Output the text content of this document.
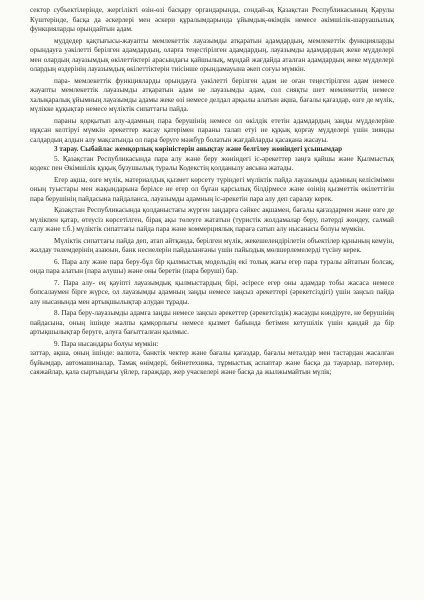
сектор субъектілерінде, жергілікті өзін-өзі басқару органдарында, сондай-ақ Қазақстан Республикасының Қарулы Күштерінде, басқа да әскерлері мен әскери құралымдарында ұйымдық-өкімдік немесе әкімшілік-шаруашылық функцияларды орындайтын адам.

муддедер қақтығысы-жауапты мемлекеттік лауазымды атқаратын адамдардың, мемлекеттік функцияларды орындауға уәкілетті берілген адамдардың, оларға теңестірілген адамдардың, лауазымды адамдардың жеке мүдделері мен олардың лауазымдық өкілеттіктері арасындағы қайшылық, мұндай жағдайда аталған адамдардың жеке мүдделері олардың өздерінің лауазымдық өкілеттіктерін тиісінше орындамауына әкеп соғуы мүмкін.

пара- мемлекеттік функцияларды орындауға уәкілетті берілген адам не оған теңестірілген адам немесе жауапты мемлекеттік лауазымды атқаратын адам не лауазымды адам, сол сияқты шет мемлекеттің немесе халықаралық ұйымның лауазымды адамы жеке өзі немесе делдал арқылы алатын ақша, бағалы қағаздар, өзге де мүлік, мүлікке құқықтар немесе мүліктік сипаттағы пайда.

параны қорқытып алу-адамның пара берушінің немесе ол өкілдік ететін адамдардың заңды мүдделеріне нұқсан келтіруі мүмкін әрекеттер жасау қатерімен параны талап етуі не құқық қорғау мүдделері үшін зиянды салдардың алдын алу мақсатында ол пара беруге мәжбүр болатын жағдайларды қасақана жасауы.

3 тарау. Сыбайлас жемқорлық көріністерін анықтау және белгілеу жөніндегі ұсынымдар

5. Қазақстан Республикасында пара алу және беру жөніндегі іс-әрекеттер заңға қайшы және Қылмыстық кодекс пен Әкімшілік құқық бұзушылық туралы Кодекстің қолданылу аясына жатады.

Егер ақша, өзге мүлік, материалдық қызмет көрсету түріндегі мүліктік пайда лауазымды адамның келісімімен оның туыстары мен жақындарына берілсе не егер ол бұған қарсылық білдірмесе және өзінің қызметтік өкілеттігін пара берушінің пайдасына пайдаланса, лауазымды адамның іс-әрекетін пара алу деп саралау керек.

Қазақстан Республикасында қолданыстағы жүрген заңдарға сәйкес ақшамен, бағалы қағаздармен және өзге де мүлікпен қатар, өтеусіз көрсетілген, бірақ ақы төлеуге жататын (туристік жолдамалар беру, пәтерді жөндеу, салмай салу және т.б.) мүліктік сипаттағы пайда пара және коммерциялық параға сатып алу нысанасы болуы мүмкін.

Мүліктік сипаттағы пайда деп, атап айтқанда, берілген мүлік, жекешелендірілетін объектілер құнының кемуін, жалдау төлемдерінің азаюын, банк несиелерін пайдаланғаны үшін пайыздық мөлшерлемелерді түсіну керек.

6. Пара алу және пара беру-бұл бір қылмыстық модельдің екі толық жағы егер пара туралы айтатын болсақ, онда пара алатын (пара алушы) және оны беретін (пара беруші) бар.

7. Пара алу- ең қауіпті лауазымдық қылмыстардың бірі, әсіресе егер оны адамдар тобы жасаса немесе бопсалаумен бірге жүрсе, ол лауазымды адамның заңды немесе заңсыз әрекеттері (әрекетсіздігі) үшін заңсыз пайда алу нысанында мен артықшылықтар алудан тұрады.

8. Пара беру-лауазымды адамға заңды немесе заңсыз әрекеттер (әрекетсіздік) жасауды көндіруге, не берушінің пайдасына, оның ішінде жалпы қамқорлығы немесе қызмет бабында бетімен кетушілік үшін қандай да бір артықшылықтар беруге, алуға бағытталған қылмыс.

9. Пара нысандары болуы мүмкін:

заттар, ақша, оның ішінде: валюта, банктік чектер және бағалы қағаздар, бағалы металдар мен тастардан жасалған бұйымдар, автомашиналар, Тамақ өнімдері, бейнетехника, тұрмыстық аспаптар және басқа да тауарлар, пәтерлер, саяжайлар, қала сыртындағы үйлер, гараждар, жер учаскелері және басқа да жылжымайтын мүлік;
